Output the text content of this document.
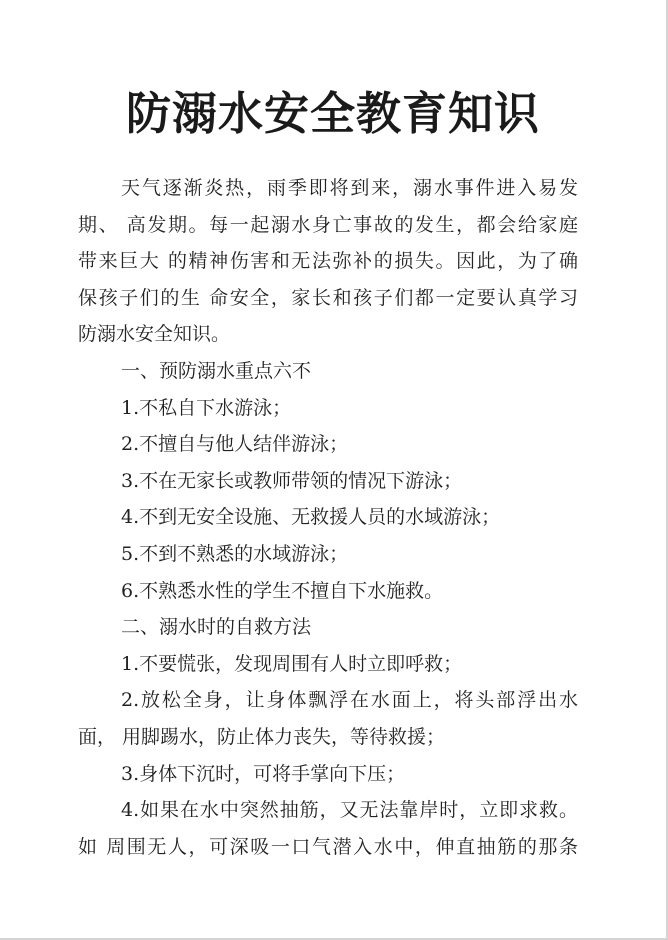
防溺水安全教育知识
天气逐渐炎热，雨季即将到来，溺水事件进入易发
期、 高发期。每一起溺水身亡事故的发生，都会给家庭
带来巨大 的精神伤害和无法弥补的损失。因此，为了确
保孩子们的生 命安全，家长和孩子们都一定要认真学习
防溺水安全知识。
一、预防溺水重点六不
1.不私自下水游泳；
2.不擅自与他人结伴游泳；
3.不在无家长或教师带领的情况下游泳；
4.不到无安全设施、无救援人员的水域游泳；
5.不到不熟悉的水域游泳；
6.不熟悉水性的学生不擅自下水施救。
二、溺水时的自救方法
1.不要慌张，发现周围有人时立即呼救；
2.放松全身，让身体飘浮在水面上，将头部浮出水
面， 用脚踢水，防止体力丧失，等待救援；
3.身体下沉时，可将手掌向下压；
4.如果在水中突然抽筋，又无法靠岸时，立即求救。
如 周围无人，可深吸一口气潜入水中，伸直抽筋的那条
